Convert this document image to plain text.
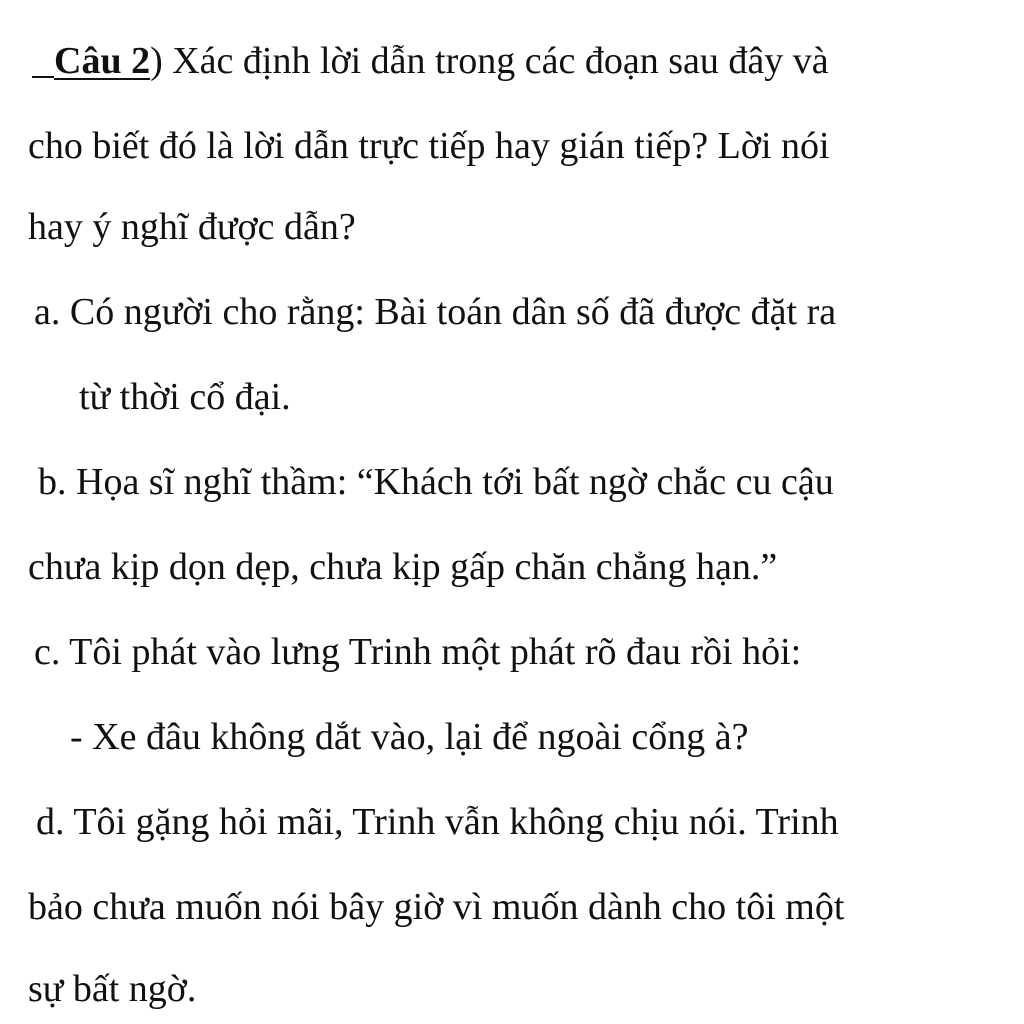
Câu 2) Xác định lời dẫn trong các đoạn sau đây và
cho biết đó là lời dẫn trực tiếp hay gián tiếp? Lời nói
hay ý nghĩ được dẫn?
a. Có người cho rằng: Bài toán dân số đã được đặt ra
từ thời cổ đại.
b. Họa sĩ nghĩ thầm: “Khách tới bất ngờ chắc cu cậu
chưa kịp dọn dẹp, chưa kịp gấp chăn chẳng hạn.”
c. Tôi phát vào lưng Trinh một phát rõ đau rồi hỏi:
- Xe đâu không dắt vào, lại để ngoài cổng à?
d. Tôi gặng hỏi mãi, Trinh vẫn không chịu nói. Trinh
bảo chưa muốn nói bây giờ vì muốn dành cho tôi một
sự bất ngờ.
